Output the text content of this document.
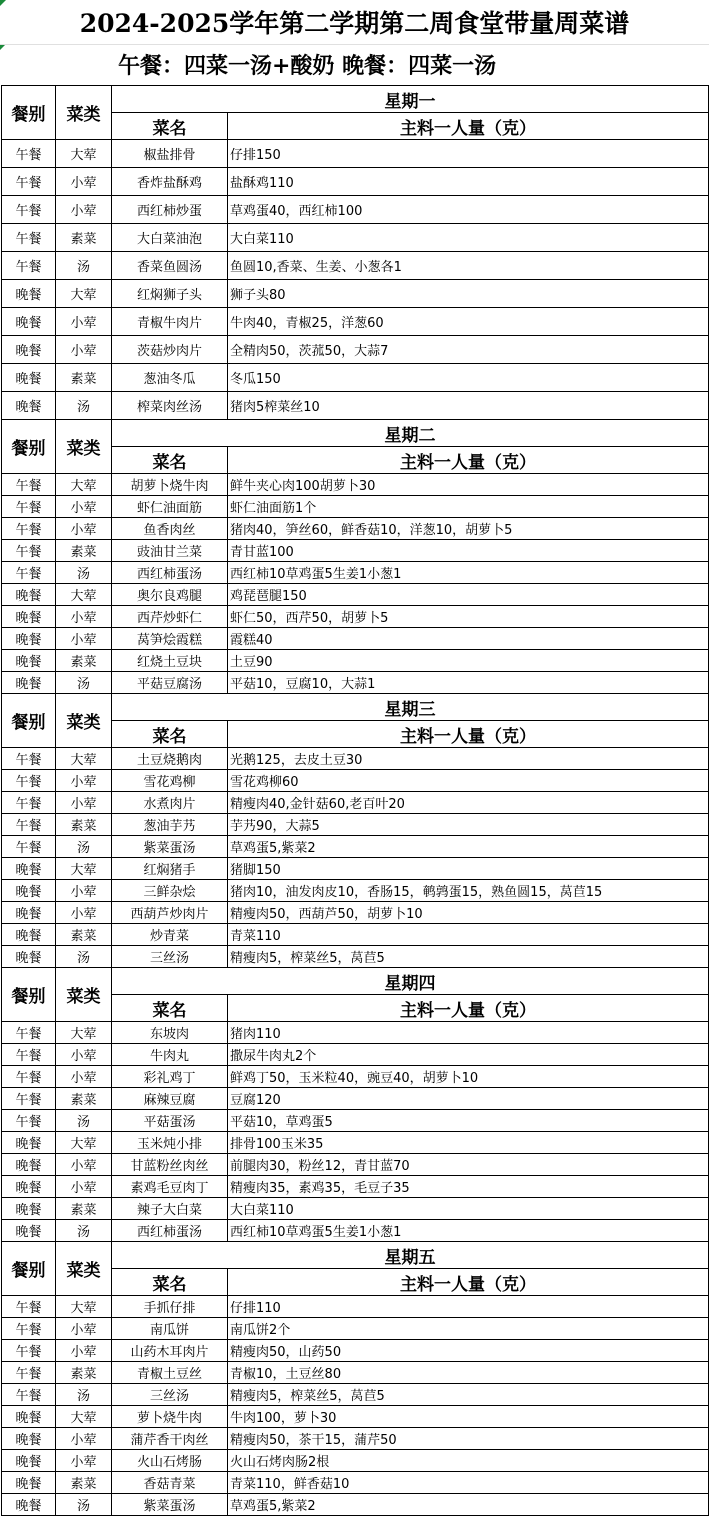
2024-2025学年第二学期第二周食堂带量周菜谱
午餐：四菜一汤+酸奶 晚餐：四菜一汤
餐别	菜类	星期一	
		菜名	主料一人量（克）
午餐	大荤	椒盐排骨	仔排150
午餐	小荤	香炸盐酥鸡	盐酥鸡110
午餐	小荤	西红柿炒蛋	草鸡蛋40，西红柿100
午餐	素菜	大白菜油泡	大白菜110
午餐	汤	香菜鱼圆汤	鱼圆10,香菜、生姜、小葱各1
晚餐	大荤	红焖狮子头	狮子头80
晚餐	小荤	青椒牛肉片	牛肉40，青椒25，洋葱60
晚餐	小荤	茨菇炒肉片	全精肉50，茨菰50，大蒜7
晚餐	素菜	葱油冬瓜	冬瓜150
晚餐	汤	榨菜肉丝汤	猪肉5榨菜丝10
餐别	菜类	星期二	
		菜名	主料一人量（克）
午餐	大荤	胡萝卜烧牛肉	鲜牛夹心肉100胡萝卜30
午餐	小荤	虾仁油面筋	虾仁油面筋1个
午餐	小荤	鱼香肉丝	猪肉40，笋丝60，鲜香菇10，洋葱10，胡萝卜5
午餐	素菜	豉油甘兰菜	青甘蓝100
午餐	汤	西红柿蛋汤	西红柿10草鸡蛋5生姜1小葱1
晚餐	大荤	奥尔良鸡腿	鸡琵琶腿150
晚餐	小荤	西芹炒虾仁	虾仁50，西芹50，胡萝卜5
晚餐	小荤	莴笋烩霞糕	霞糕40
晚餐	素菜	红烧土豆块	土豆90
晚餐	汤	平菇豆腐汤	平菇10，豆腐10，大蒜1
餐别	菜类	星期三	
		菜名	主料一人量（克）
午餐	大荤	土豆烧鹅肉	光鹅125，去皮土豆30
午餐	小荤	雪花鸡柳	雪花鸡柳60
午餐	小荤	水煮肉片	精瘦肉40,金针菇60,老百叶20
午餐	素菜	葱油芋艿	芋艿90，大蒜5
午餐	汤	紫菜蛋汤	草鸡蛋5,紫菜2
晚餐	大荤	红焖猪手	猪脚150
晚餐	小荤	三鲜杂烩	猪肉10，油发肉皮10，香肠15，鹌鹑蛋15，熟鱼圆15，莴苣15
晚餐	小荤	西葫芦炒肉片	精瘦肉50，西葫芦50，胡萝卜10
晚餐	素菜	炒青菜	青菜110
晚餐	汤	三丝汤	精瘦肉5，榨菜丝5，莴苣5
餐别	菜类	星期四	
		菜名	主料一人量（克）
午餐	大荤	东坡肉	猪肉110
午餐	小荤	牛肉丸	撒尿牛肉丸2个
午餐	小荤	彩礼鸡丁	鲜鸡丁50，玉米粒40，豌豆40，胡萝卜10
午餐	素菜	麻辣豆腐	豆腐120
午餐	汤	平菇蛋汤	平菇10，草鸡蛋5
晚餐	大荤	玉米炖小排	排骨100玉米35
晚餐	小荤	甘蓝粉丝肉丝	前腿肉30，粉丝12，青甘蓝70
晚餐	小荤	素鸡毛豆肉丁	精瘦肉35，素鸡35，毛豆子35
晚餐	素菜	辣子大白菜	大白菜110
晚餐	汤	西红柿蛋汤	西红柿10草鸡蛋5生姜1小葱1
餐别	菜类	星期五	
		菜名	主料一人量（克）
午餐	大荤	手抓仔排	仔排110
午餐	小荤	南瓜饼	南瓜饼2个
午餐	小荤	山药木耳肉片	精瘦肉50，山药50
午餐	素菜	青椒土豆丝	青椒10，土豆丝80
午餐	汤	三丝汤	精瘦肉5，榨菜丝5，莴苣5
晚餐	大荤	萝卜烧牛肉	牛肉100，萝卜30
晚餐	小荤	蒲芹香干肉丝	精瘦肉50，茶干15，蒲芹50
晚餐	小荤	火山石烤肠	火山石烤肉肠2根
晚餐	素菜	香菇青菜	青菜110，鲜香菇10
晚餐	汤	紫菜蛋汤	草鸡蛋5,紫菜2
